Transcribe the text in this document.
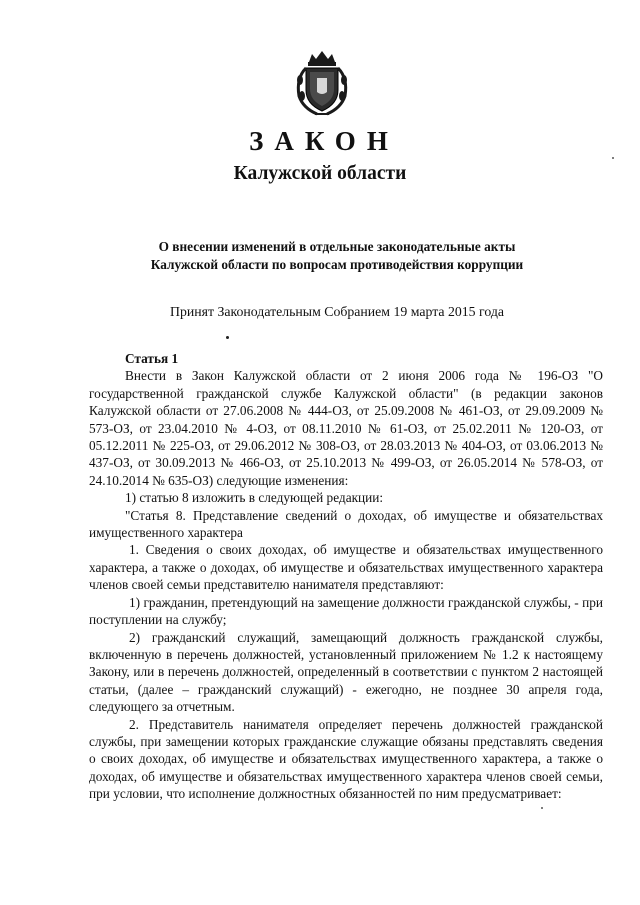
ЗАКОН
Калужской области
О внесении изменений в отдельные законодательные акты
Калужской области по вопросам противодействия коррупции
Принят Законодательным Собранием 19 марта 2015 года

Статья 1

Внести в Закон Калужской области от 2 июня 2006 года № 196-ОЗ "О государственной гражданской службе Калужской области" (в редакции законов Калужской области от 27.06.2008 № 444-ОЗ, от 25.09.2008 № 461-ОЗ, от 29.09.2009 № 573-ОЗ, от 23.04.2010 № 4-ОЗ, от 08.11.2010 № 61-ОЗ, от 25.02.2011 № 120-ОЗ, от 05.12.2011 № 225-ОЗ, от 29.06.2012 № 308-ОЗ, от 28.03.2013 № 404-ОЗ, от 03.06.2013 № 437-ОЗ, от 30.09.2013 № 466-ОЗ, от 25.10.2013 № 499-ОЗ, от 26.05.2014 № 578-ОЗ, от 24.10.2014 № 635-ОЗ) следующие изменения:

1) статью 8 изложить в следующей редакции:

"Статья 8. Представление сведений о доходах, об имуществе и обязательствах имущественного характера

1. Сведения о своих доходах, об имуществе и обязательствах имущественного характера, а также о доходах, об имуществе и обязательствах имущественного характера членов своей семьи представителю нанимателя представляют:

1) гражданин, претендующий на замещение должности гражданской службы, - при поступлении на службу;

2) гражданский служащий, замещающий должность гражданской службы, включенную в перечень должностей, установленный приложением № 1.2 к настоящему Закону, или в перечень должностей, определенный в соответствии с пунктом 2 настоящей статьи, (далее – гражданский служащий) - ежегодно, не позднее 30 апреля года, следующего за отчетным.

2. Представитель нанимателя определяет перечень должностей гражданской службы, при замещении которых гражданские служащие обязаны представлять сведения о своих доходах, об имуществе и обязательствах имущественного характера, а также о доходах, об имуществе и обязательствах имущественного характера членов своей семьи, при условии, что исполнение должностных обязанностей по ним предусматривает:
